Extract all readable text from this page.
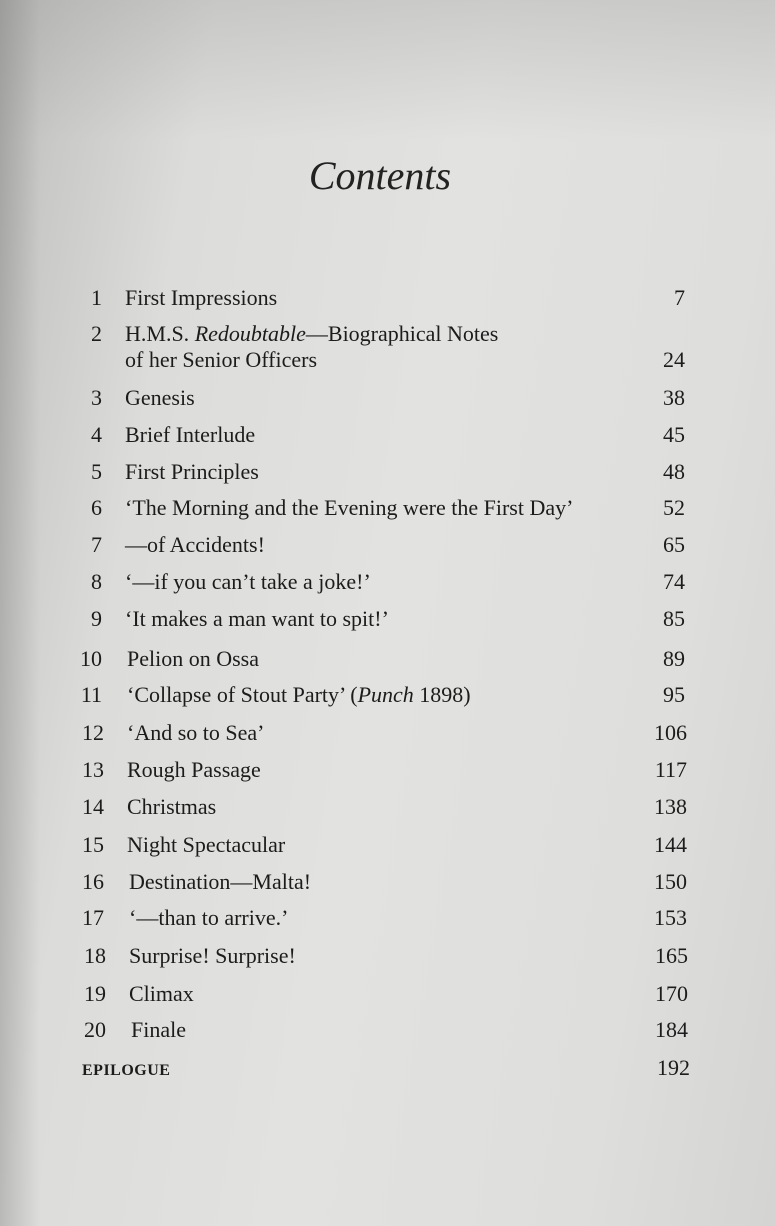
Contents
1 First Impressions	7
2 H.M.S. Redoubtable—Biographical Notes
of her Senior Officers	24
3 Genesis	38
4 Brief Interlude	45
5 First Principles	48
6 ‘The Morning and the Evening were the First Day’	52
7 —of Accidents!	65
8 ‘—if you can’t take a joke!’	74
9 ‘It makes a man want to spit!’	85
10 Pelion on Ossa	89
11 ‘Collapse of Stout Party’ (Punch 1898)	95
12 ‘And so to Sea’	106
13 Rough Passage	117
14 Christmas	138
15 Night Spectacular	144
16 Destination—Malta!	150
17 ‘—than to arrive.’	153
18 Surprise! Surprise!	165
19 Climax	170
20 Finale	184
EPILOGUE	192
